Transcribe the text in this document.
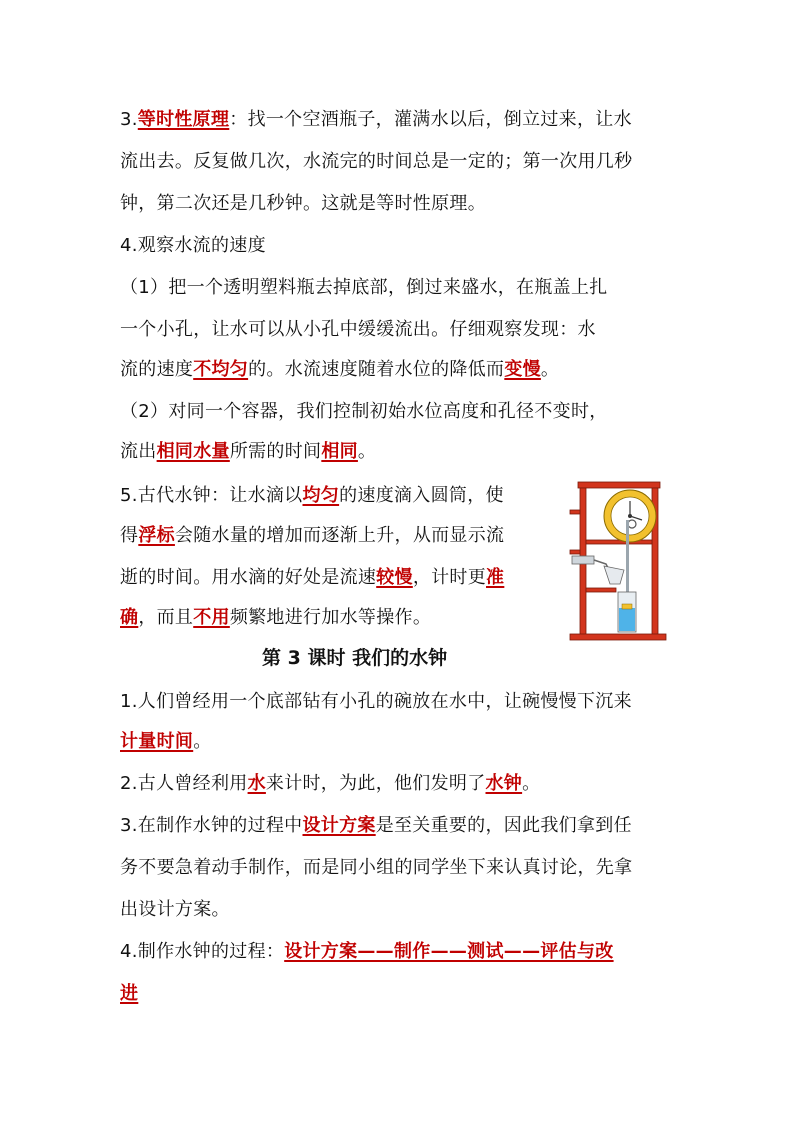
3.等时性原理：找一个空酒瓶子，灌满水以后，倒立过来，让水
流出去。反复做几次，水流完的时间总是一定的；第一次用几秒
钟，第二次还是几秒钟。这就是等时性原理。
4.观察水流的速度
（1）把一个透明塑料瓶去掉底部，倒过来盛水，在瓶盖上扎
一个小孔，让水可以从小孔中缓缓流出。仔细观察发现：水
流的速度不均匀的。水流速度随着水位的降低而变慢。
（2）对同一个容器，我们控制初始水位高度和孔径不变时，
流出相同水量所需的时间相同。
5.古代水钟：让水滴以均匀的速度滴入圆筒，使
得浮标会随水量的增加而逐渐上升，从而显示流
逝的时间。用水滴的好处是流速较慢，计时更准
确，而且不用频繁地进行加水等操作。
第 3 课时 我们的水钟
1.人们曾经用一个底部钻有小孔的碗放在水中，让碗慢慢下沉来
计量时间。
2.古人曾经利用水来计时，为此，他们发明了水钟。
3.在制作水钟的过程中设计方案是至关重要的，因此我们拿到任
务不要急着动手制作，而是同小组的同学坐下来认真讨论，先拿
出设计方案。
4.制作水钟的过程：设计方案——制作——测试——评估与改
进
